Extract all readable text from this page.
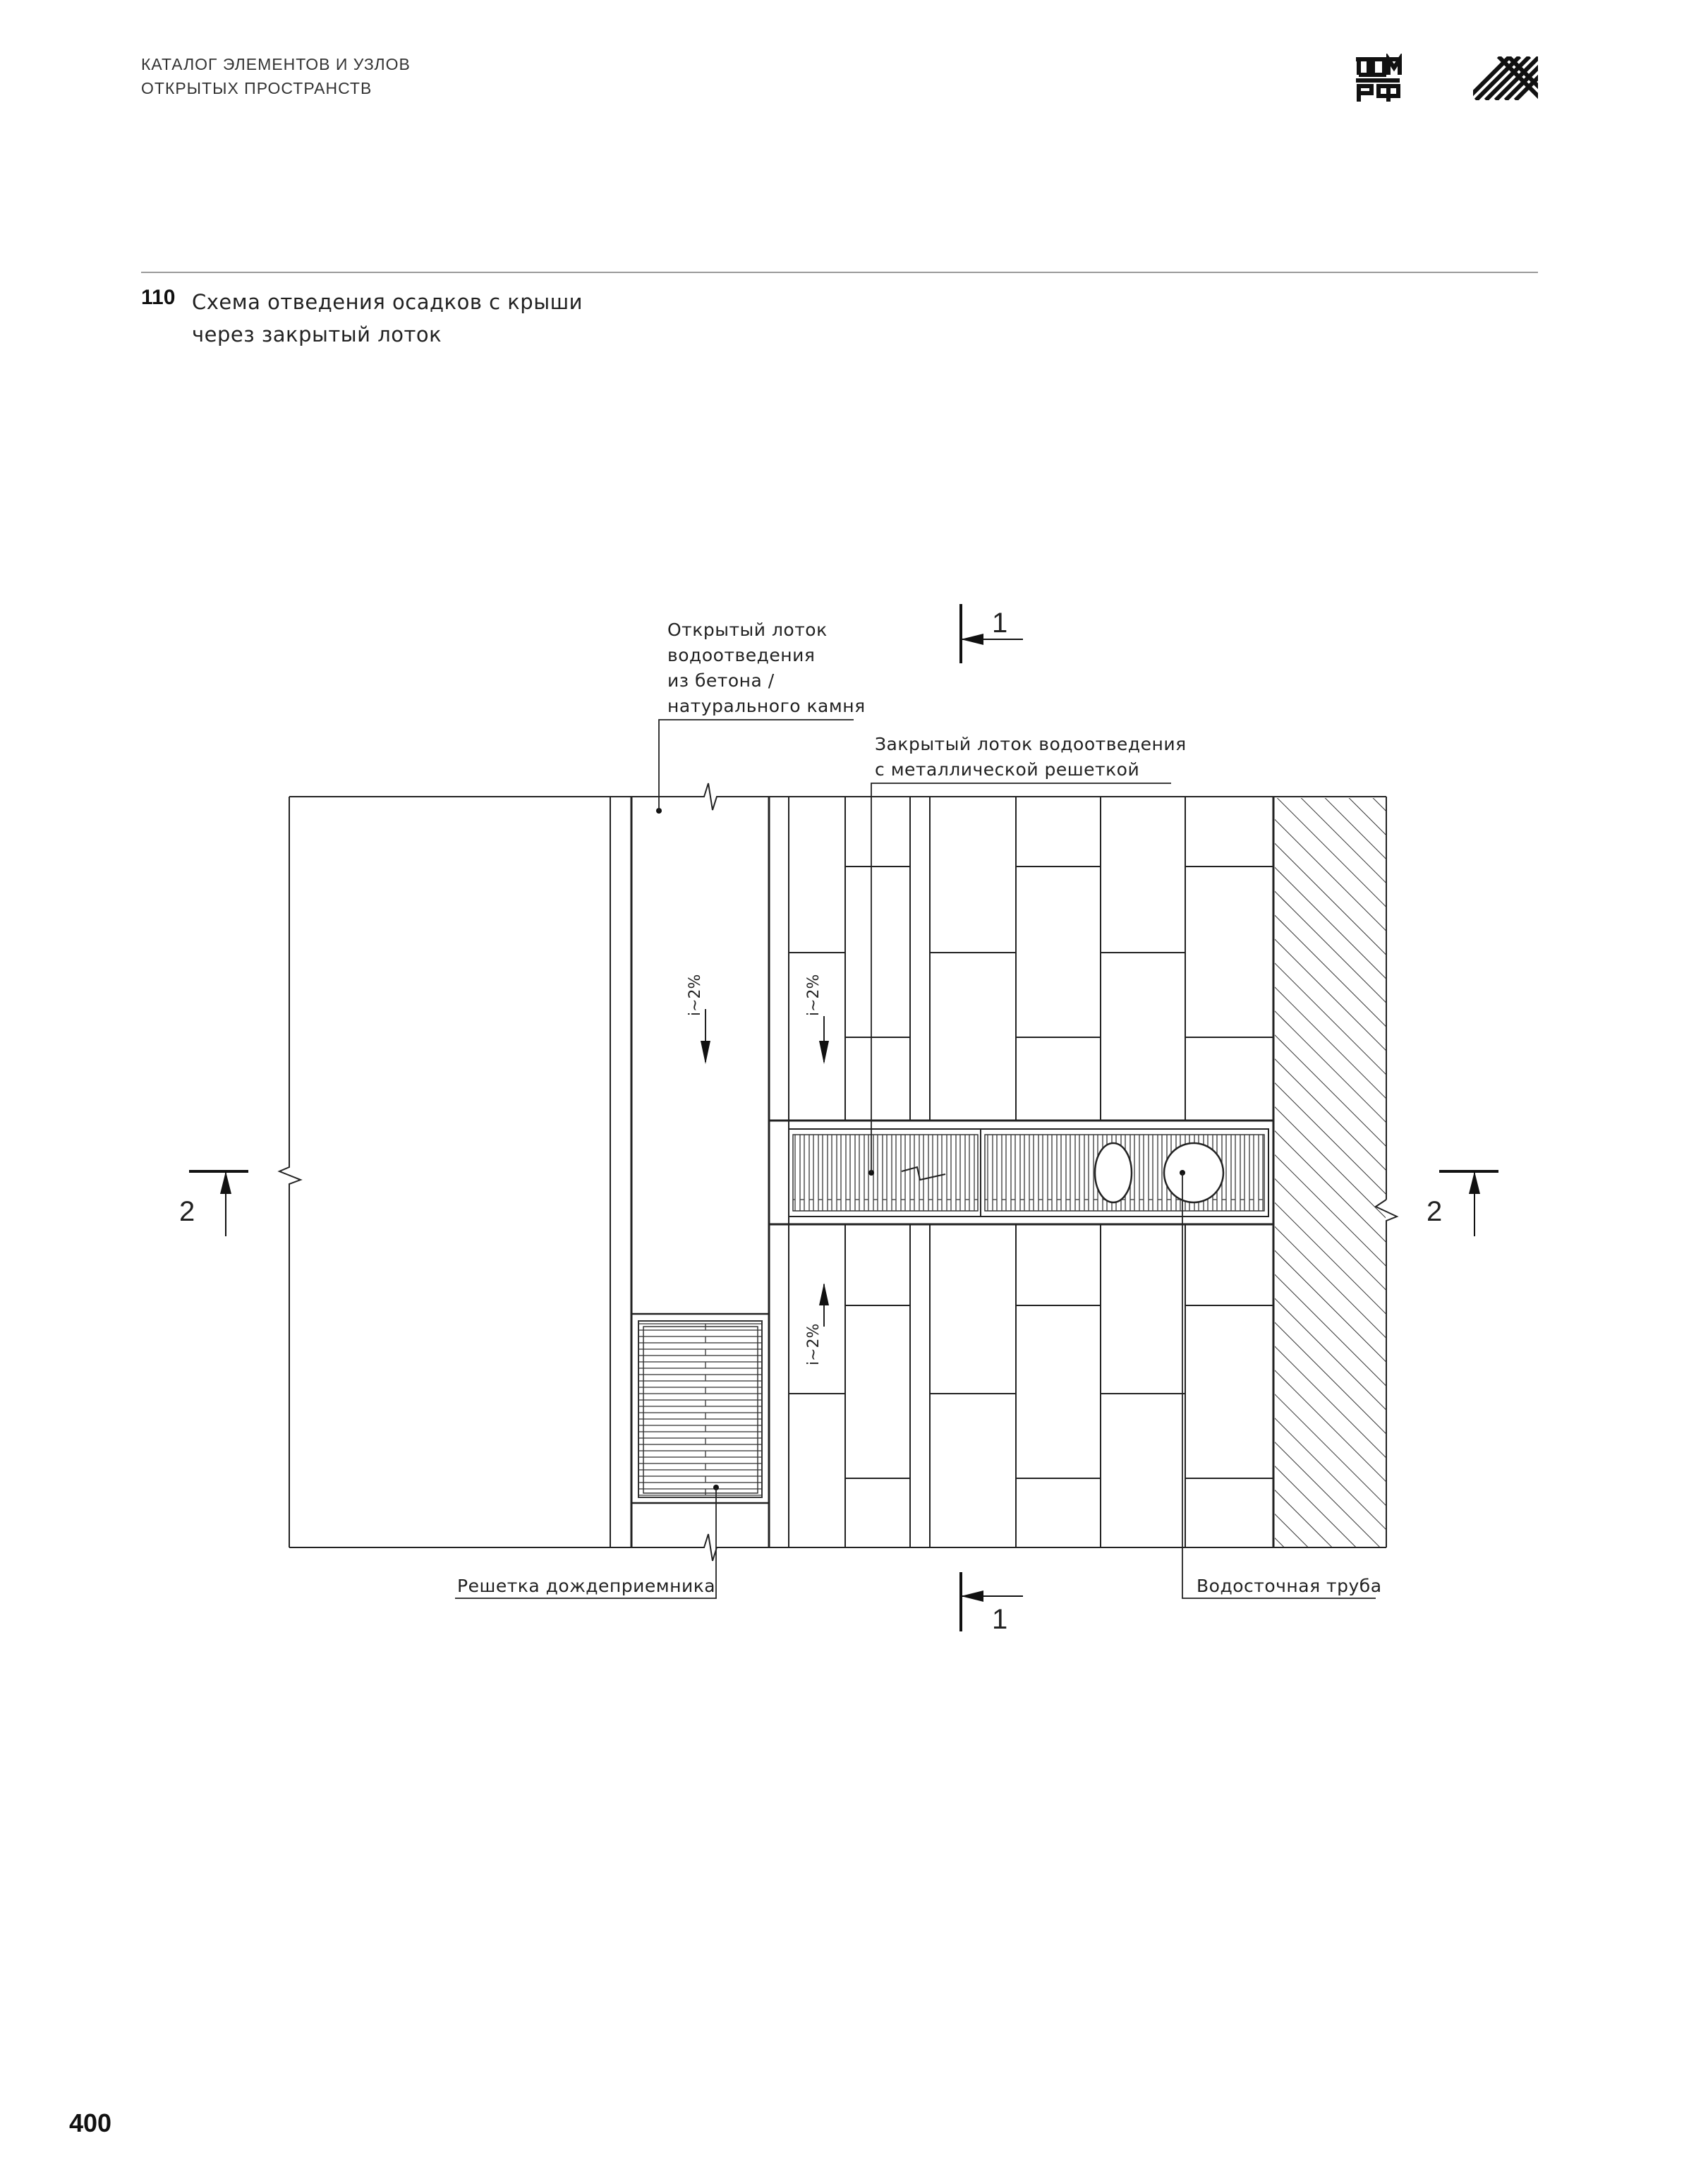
КАТАЛОГ ЭЛЕМЕНТОВ И УЗЛОВ
ОТКРЫТЫХ ПРОСТРАНСТВ
110 Схема отведения осадков с крыши
через закрытый лоток
i~2%	i~2%
i~2%
1
1
2	2
Открытый лоток
водоотведения
из бетона /
натурального камня
Закрытый лоток водоотведения
с металлической решеткой
Решетка дождеприемника	Водосточная труба
400
